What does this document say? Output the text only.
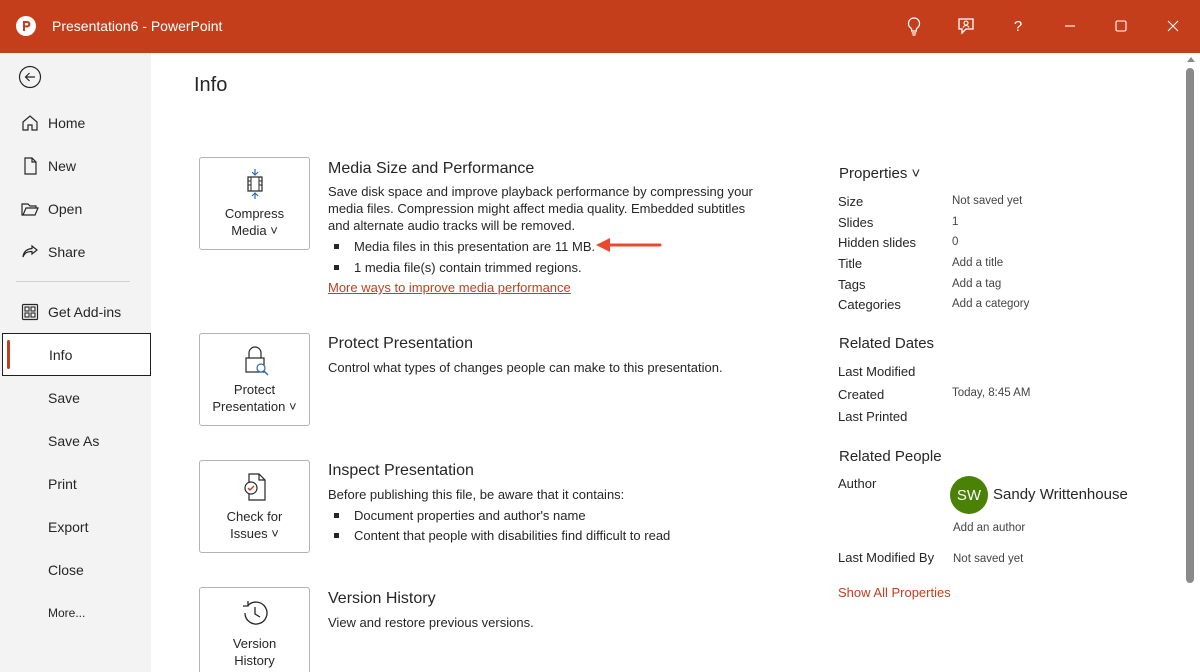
Presentation6 - PowerPoint	?
Home
New
Open
Share
Get Add-ins
Info
Save
Save As
Print
Export
Close
More...
Info
Compress
Media ˅
Media Size and Performance
Save disk space and improve playback performance by compressing your media files. Compression might affect media quality. Embedded subtitles and alternate audio tracks will be removed.
Media files in this presentation are 11 MB.
1 media file(s) contain trimmed regions.
More ways to improve media performance
Protect
Presentation ˅
Protect Presentation
Control what types of changes people can make to this presentation.
Check for
Issues ˅
Inspect Presentation
Before publishing this file, be aware that it contains:
Document properties and author's name
Content that people with disabilities find difficult to read
Version
History
Version History
View and restore previous versions.
Properties ˅
Size	Not saved yet
Slides	1
Hidden slides	0
Title	Add a title
Tags	Add a tag
Categories	Add a category
Related Dates
Last Modified
Created	Today, 8:45 AM
Last Printed
Related People
Author
SW Sandy Writtenhouse
Add an author
Last Modified By Not saved yet
Show All Properties
